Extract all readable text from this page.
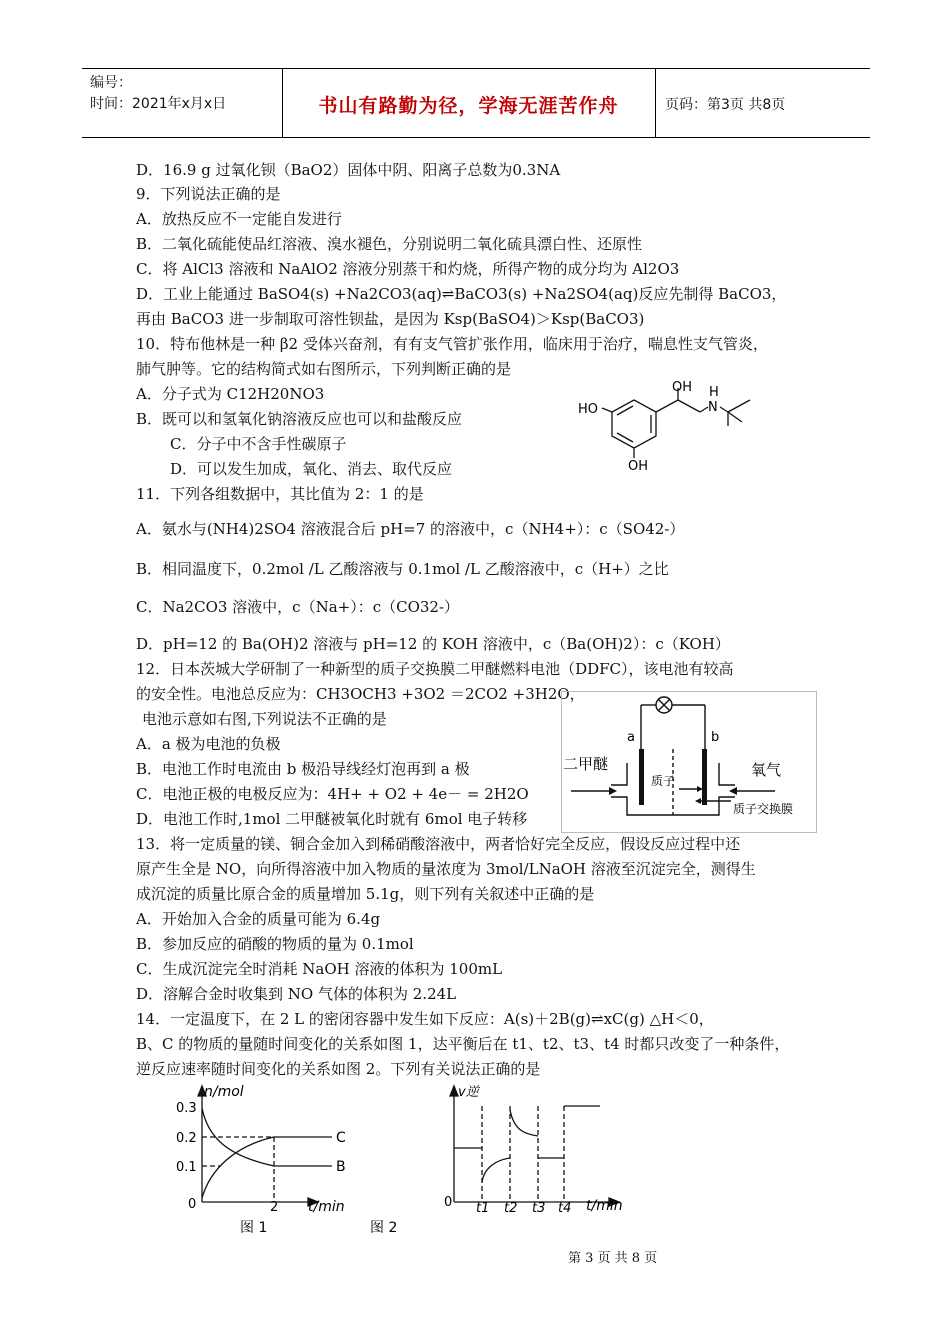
编号：
时间：2021年x月x日	书山有路勤为径，学海无涯苦作舟	页码：第3页 共8页
D．16.9 g 过氧化钡（BaO2）固体中阴、阳离子总数为0.3NA
9．下列说法正确的是
A．放热反应不一定能自发进行
B．二氧化硫能使品红溶液、溴水褪色，分别说明二氧化硫具漂白性、还原性
C．将 AlCl3 溶液和 NaAlO2 溶液分别蒸干和灼烧，所得产物的成分均为 Al2O3
D．工业上能通过 BaSO4(s) +Na2CO3(aq)⇌BaCO3(s) +Na2SO4(aq)反应先制得 BaCO3，
再由 BaCO3 进一步制取可溶性钡盐，是因为 Ksp(BaSO4)＞Ksp(BaCO3)
10．特布他林是一种 β2 受体兴奋剂，有有支气管扩张作用，临床用于治疗，喘息性支气管炎，
肺气肿等。它的结构简式如右图所示，下列判断正确的是
A．分子式为 C12H20NO3
B．既可以和氢氧化钠溶液反应也可以和盐酸反应
C．分子中不含手性碳原子
D．可以发生加成，氧化、消去、取代反应
11．下列各组数据中，其比值为 2：1 的是
A．氨水与(NH4)2SO4 溶液混合后 pH=7 的溶液中，c（NH4+）：c（SO42-）
B．相同温度下，0.2mol /L 乙酸溶液与 0.1mol /L 乙酸溶液中，c（H+）之比
C．Na2CO3 溶液中，c（Na+）：c（CO32-）
D．pH=12 的 Ba(OH)2 溶液与 pH=12 的 KOH 溶液中，c（Ba(OH)2）：c（KOH）
12．日本茨城大学研制了一种新型的质子交换膜二甲醚燃料电池（DDFC），该电池有较高
的安全性。电池总反应为：CH3OCH3 +3O2 ＝2CO2 +3H2O，
电池示意如右图,下列说法不正确的是
A．a 极为电池的负极
B．电池工作时电流由 b 极沿导线经灯泡再到 a 极
C．电池正极的电极反应为：4H+ + O2 + 4e－ = 2H2O
D．电池工作时,1mol 二甲醚被氧化时就有 6mol 电子转移
13．将一定质量的镁、铜合金加入到稀硝酸溶液中，两者恰好完全反应，假设反应过程中还
原产生全是 NO，向所得溶液中加入物质的量浓度为 3mol/LNaOH 溶液至沉淀完全，测得生
成沉淀的质量比原合金的质量增加 5.1g，则下列有关叙述中正确的是
A．开始加入合金的质量可能为 6.4g
B．参加反应的硝酸的物质的量为 0.1mol
C．生成沉淀完全时消耗 NaOH 溶液的体积为 100mL
D．溶解合金时收集到 NO 气体的体积为 2.24L
14．一定温度下，在 2 L 的密闭容器中发生如下反应：A(s)＋2B(g)⇌xC(g) △H＜0，
B、C 的物质的量随时间变化的关系如图 1，达平衡后在 t1、t2、t3、t4 时都只改变了一种条件，
逆反应速率随时间变化的关系如图 2。下列有关说法正确的是
OH H
N
HO
OH
a	b
二甲醚	氧气
质子
质子交换膜
n/mol
0.3
0.2
0.1
0	2 t/min
C
B
图 1
v逆
0 t1 t2 t3 t4 t/min
图 2
第 3 页 共 8 页
